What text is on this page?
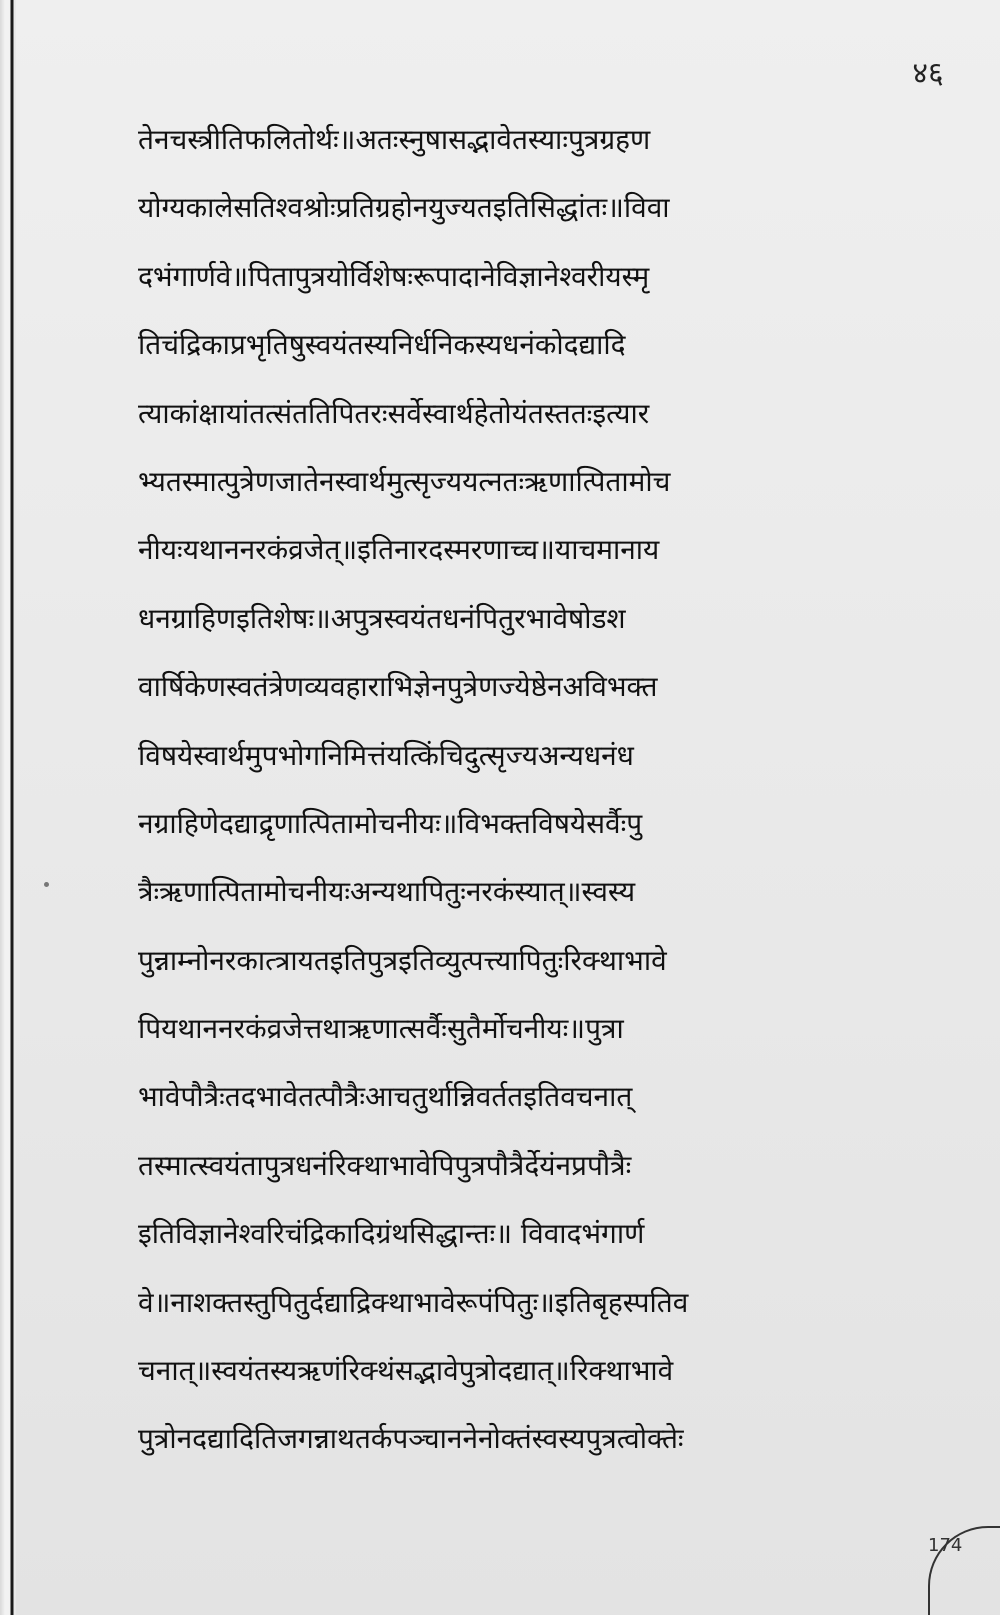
४६
तेनचस्त्रीतिफलितोर्थः॥अतःस्नुषासद्भावेतस्याःपुत्रग्रहण
योग्यकालेसतिश्वश्रोःप्रतिग्रहोनयुज्यतइतिसिद्धांतः॥विवा
दभंगार्णवे॥पितापुत्रयोर्विशेषःरूपादानेविज्ञानेश्वरीयस्मृ
तिचंद्रिकाप्रभृतिषुस्वयंतस्यनिर्धनिकस्यधनंकोदद्यादि
त्याकांक्षायांतत्संततिपितरःसर्वेस्वार्थहेतोयंतस्ततःइत्यार
भ्यतस्मात्पुत्रेणजातेनस्वार्थमुत्सृज्ययत्नतःऋणात्पितामोच
नीयःयथाननरकंव्रजेत्॥इतिनारदस्मरणाच्च॥याचमानाय
धनग्राहिणइतिशेषः॥अपुत्रस्वयंतधनंपितुरभावेषोडश
वार्षिकेणस्वतंत्रेणव्यवहाराभिज्ञेनपुत्रेणज्येष्ठेनअविभक्त
विषयेस्वार्थमुपभोगनिमित्तंयत्किंचिदुत्सृज्यअन्यधनंध
नग्राहिणेदद्याद्रृणात्पितामोचनीयः॥विभक्तविषयेसर्वैःपु
त्रैःऋणात्पितामोचनीयःअन्यथापितुःनरकंस्यात्॥स्वस्य
पुन्नाम्नोनरकात्त्रायतइतिपुत्रइतिव्युत्पत्त्यापितुःरिक्थाभावे
पियथाननरकंव्रजेत्तथाऋणात्सर्वैःसुतैर्मोचनीयः॥पुत्रा
भावेपौत्रैःतदभावेतत्पौत्रैःआचतुर्थान्निवर्ततइतिवचनात्
तस्मात्स्वयंतापुत्रधनंरिक्थाभावेपिपुत्रपौत्रैर्देयंनप्रपौत्रैः
इतिविज्ञानेश्वरिचंद्रिकादिग्रंथसिद्धान्तः॥ विवादभंगार्ण
वे॥नाशक्तस्तुपितुर्दद्याद्रिक्थाभावेरूपंपितुः॥इतिबृहस्पतिव
चनात्॥स्वयंतस्यऋणंरिक्थंसद्भावेपुत्रोदद्यात्॥रिक्थाभावे
पुत्रोनदद्यादितिजगन्नाथतर्कपञ्चाननेनोक्तंस्वस्यपुत्रत्वोक्तेः
174
